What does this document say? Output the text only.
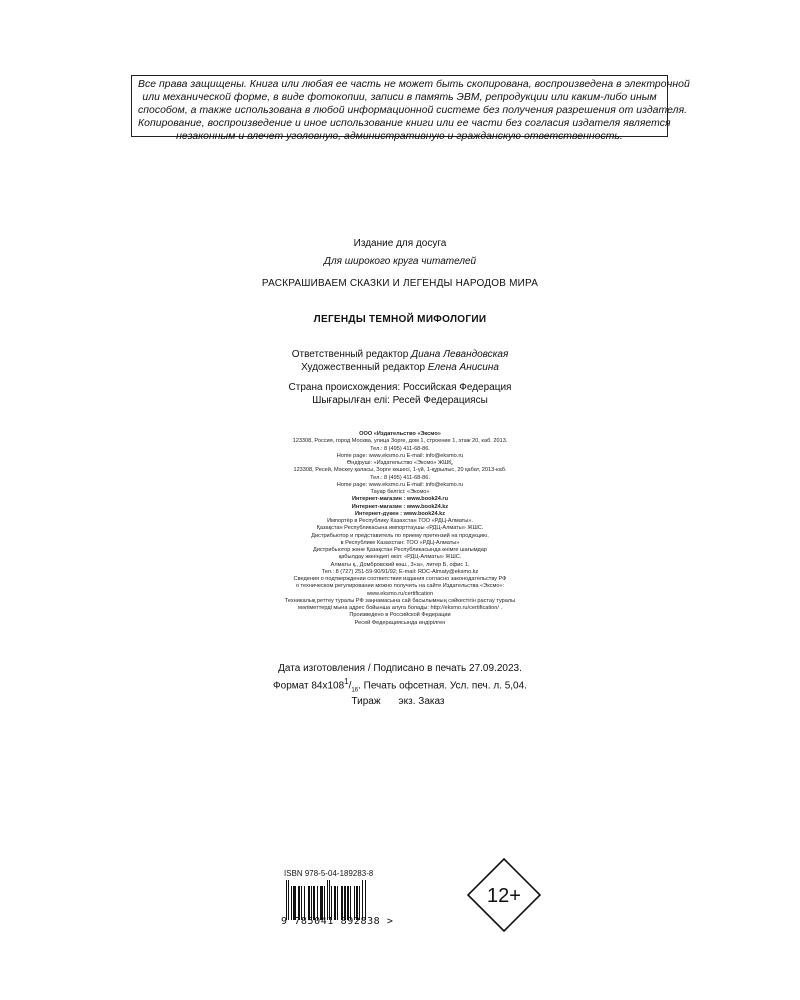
Все права защищены. Книга или любая ее часть не может быть скопирована, воспроизведена в электронной
или механической форме, в виде фотокопии, записи в память ЭВМ, репродукции или каким-либо иным
способом, а также использована в любой информационной системе без получения разрешения от издателя.
Копирование, воспроизведение и иное использование книги или ее части без согласия издателя является
незаконным и влечет уголовную, административную и гражданскую ответственность.
Издание для досуга
Для широкого круга читателей
РАСКРАШИВАЕМ СКАЗКИ И ЛЕГЕНДЫ НАРОДОВ МИРА
ЛЕГЕНДЫ ТЕМНОЙ МИФОЛОГИИ
Ответственный редактор Диана Левандовская
Художественный редактор Елена Анисина
Страна происхождения: Российская Федерация
Шығарылған елі: Ресей Федерациясы
ООО «Издательство «Эксмо»
123308, Россия, город Москва, улица Зорге, дом 1, строение 1, этаж 20, каб. 2013.
Тел.: 8 (495) 411-68-86.
Home page: www.eksmo.ru E-mail: info@eksmo.ru
Өндіруші: «Издательство «Эксмо» ЖШҚ,
123308, Ресей, Мәскеу қаласы, Зорге көшесі, 1-үй, 1-құрылыс, 20 қабат, 2013-каб.
Тел.: 8 (495) 411-68-86.
Home page: www.eksmo.ru E-mail: info@eksmo.ru
Тауар белгісі: «Эксмо»
Интернет-магазин : www.book24.ru
Интернет-магазин : www.book24.kz
Интернет-дүкен : www.book24.kz
Импортёр в Республику Казахстан ТОО «РДЦ-Алматы».
Қазақстан Республикасына импорттаушы «РДЦ-Алматы» ЖШС.
Дистрибьютор и представитель по приему претензий на продукцию,
в Республике Казахстан: ТОО «РДЦ-Алматы»
Дистрибьютор және Қазақстан Республикасында өнімге шағымдар
қабылдау жөніндегі өкіл: «РДЦ-Алматы» ЖШС.
Алматы қ., Домбровский көш., 3«а», литер Б, офис 1.
Тел.: 8 (727) 251-59-90/91/92; E-mail: RDC-Almaty@eksmo.kz
Сведения о подтверждении соответствия издания согласно законодательству РФ
о техническом регулировании можно получить на сайте Издательства «Эксмо»:
www.eksmo.ru/certification
Техникалық реттеу туралы РФ заңнамасына сай басылымның сәйкестігін растау туралы
мәліметтерді мына адрес бойынша алуға болады: http://eksmo.ru/certification/ .
Произведено в Российской Федерации
Ресей Федерациясында өндірілген
Дата изготовления / Подписано в печать 27.09.2023.
Формат $84x108^1/_{16}$. Печать офсетная. Усл. печ. л. 5,04.
Тираж экз. Заказ
ISBN 978-5-04-189283-8
9 785041 892838 >
12+
